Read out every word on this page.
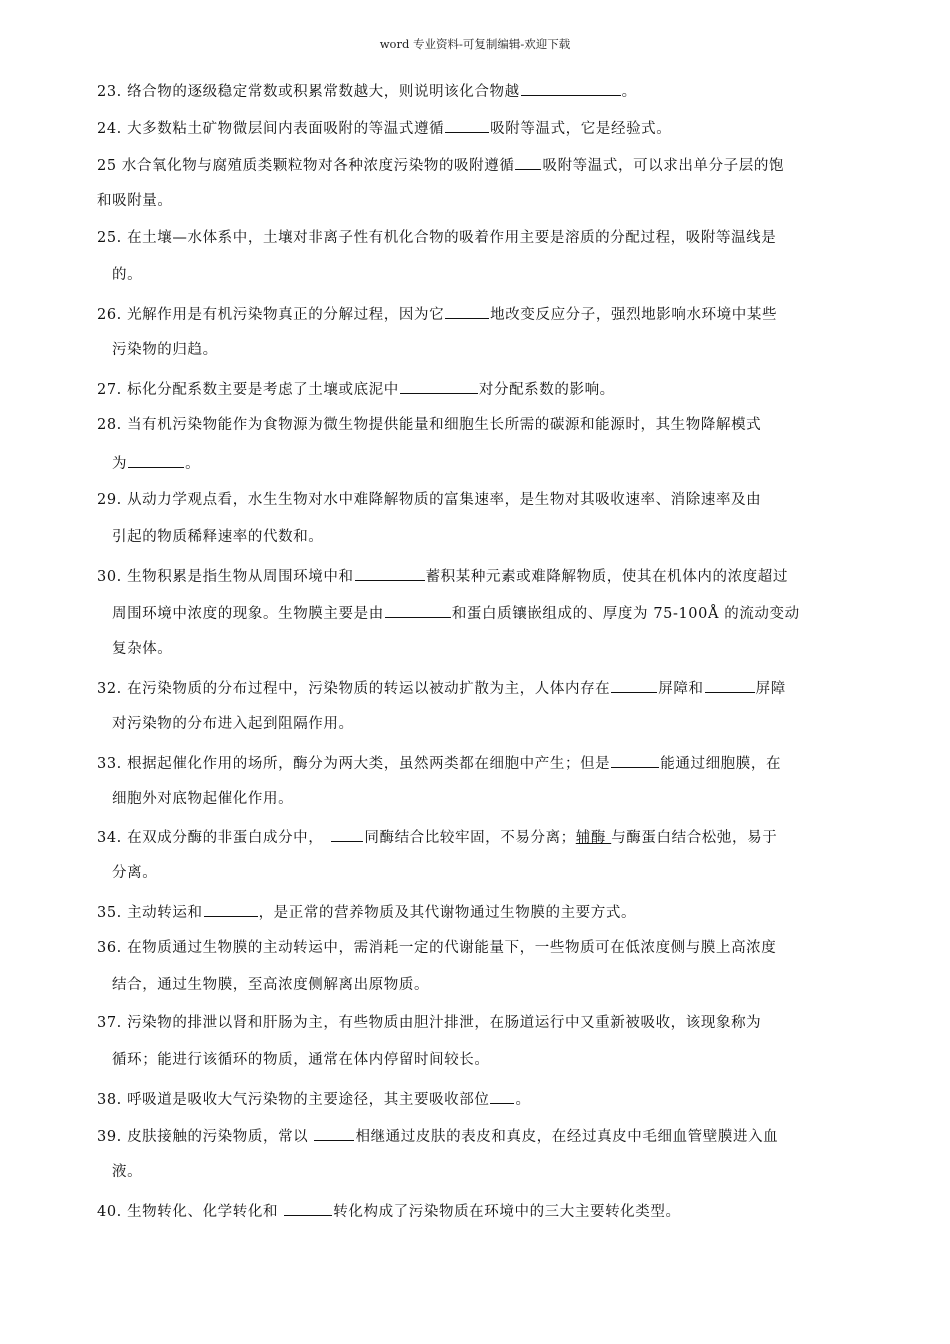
word 专业资料-可复制编辑-欢迎下载
23. 络合物的逐级稳定常数或积累常数越大，则说明该化合物越	。
24. 大多数粘土矿物微层间内表面吸附的等温式遵循	吸附等温式，它是经验式。
25 水合氧化物与腐殖质类颗粒物对各种浓度污染物的吸附遵循 吸附等温式，可以求出单分子层的饱
和吸附量。
25. 在土壤—水体系中，土壤对非离子性有机化合物的吸着作用主要是溶质的分配过程，吸附等温线是
的。
26. 光解作用是有机污染物真正的分解过程，因为它	地改变反应分子，强烈地影响水环境中某些
污染物的归趋。
27. 标化分配系数主要是考虑了土壤或底泥中	对分配系数的影响。
28. 当有机污染物能作为食物源为微生物提供能量和细胞生长所需的碳源和能源时，其生物降解模式
为	。
29. 从动力学观点看，水生生物对水中难降解物质的富集速率，是生物对其吸收速率、消除速率及由
引起的物质稀释速率的代数和。
30. 生物积累是指生物从周围环境中和	蓄积某种元素或难降解物质，使其在机体内的浓度超过
周围环境中浓度的现象。生物膜主要是由	和蛋白质镶嵌组成的、厚度为 75-100Å 的流动变动
复杂体。
32. 在污染物质的分布过程中，污染物质的转运以被动扩散为主，人体内存在	屏障和	屏障
对污染物的分布进入起到阻隔作用。
33. 根据起催化作用的场所，酶分为两大类，虽然两类都在细胞中产生；但是	能通过细胞膜，在
细胞外对底物起催化作用。
34. 在双成分酶的非蛋白成分中，	同酶结合比较牢固，不易分离；辅酶 与酶蛋白结合松弛，易于
分离。
35. 主动转运和	，是正常的营养物质及其代谢物通过生物膜的主要方式。
36. 在物质通过生物膜的主动转运中，需消耗一定的代谢能量下，一些物质可在低浓度侧与膜上高浓度
结合，通过生物膜，至高浓度侧解离出原物质。
37. 污染物的排泄以肾和肝肠为主，有些物质由胆汁排泄，在肠道运行中又重新被吸收，该现象称为
循环；能进行该循环的物质，通常在体内停留时间较长。
38. 呼吸道是吸收大气污染物的主要途径，其主要吸收部位 。
39. 皮肤接触的污染物质，常以	相继通过皮肤的表皮和真皮，在经过真皮中毛细血管壁膜进入血
液。
40. 生物转化、化学转化和	转化构成了污染物质在环境中的三大主要转化类型。
